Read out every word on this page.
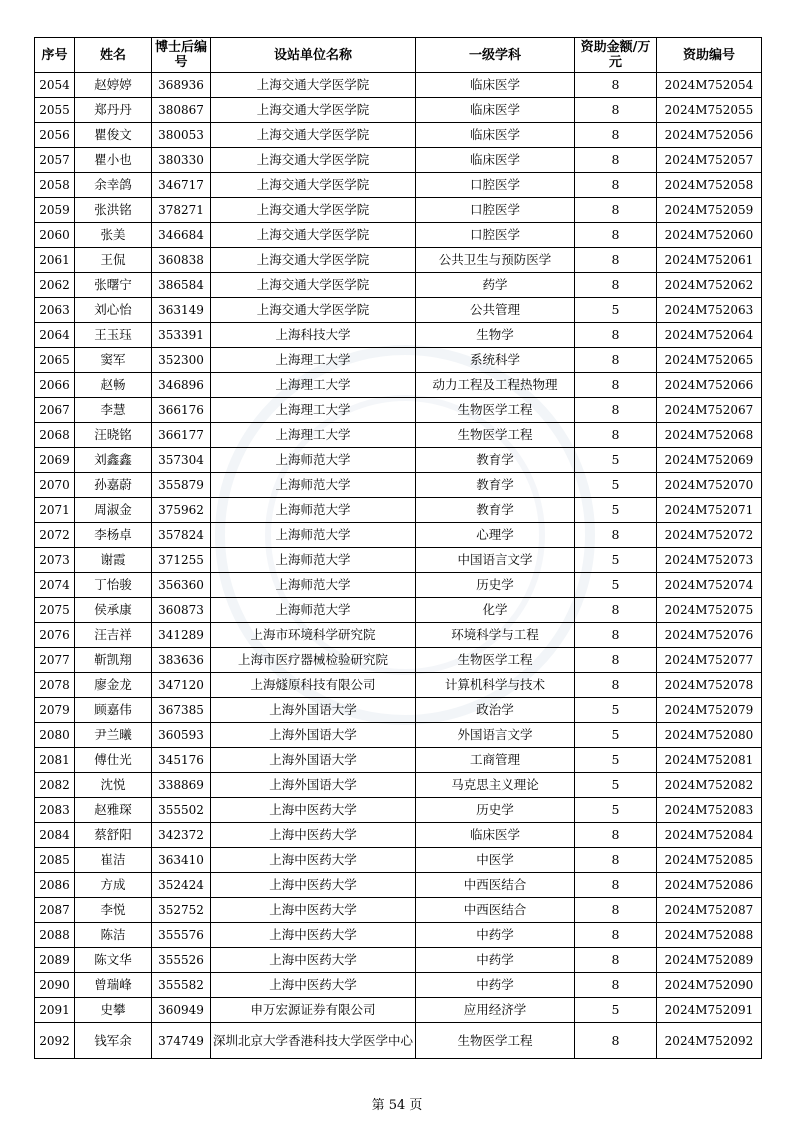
序号	姓名	博士后编号	设站单位名称	一级学科	资助金额/万元	资助编号
2054	赵婷婷	368936	上海交通大学医学院	临床医学	8	2024M752054
2055	郑丹丹	380867	上海交通大学医学院	临床医学	8	2024M752055
2056	瞿俊文	380053	上海交通大学医学院	临床医学	8	2024M752056
2057	瞿小也	380330	上海交通大学医学院	临床医学	8	2024M752057
2058	余幸鸽	346717	上海交通大学医学院	口腔医学	8	2024M752058
2059	张洪铭	378271	上海交通大学医学院	口腔医学	8	2024M752059
2060	张美	346684	上海交通大学医学院	口腔医学	8	2024M752060
2061	王侃	360838	上海交通大学医学院	公共卫生与预防医学	8	2024M752061
2062	张曙宁	386584	上海交通大学医学院	药学	8	2024M752062
2063	刘心怡	363149	上海交通大学医学院	公共管理	5	2024M752063
2064	王玉珏	353391	上海科技大学	生物学	8	2024M752064
2065	窦军	352300	上海理工大学	系统科学	8	2024M752065
2066	赵畅	346896	上海理工大学	动力工程及工程热物理	8	2024M752066
2067	李慧	366176	上海理工大学	生物医学工程	8	2024M752067
2068	汪晓铭	366177	上海理工大学	生物医学工程	8	2024M752068
2069	刘鑫鑫	357304	上海师范大学	教育学	5	2024M752069
2070	孙嘉蔚	355879	上海师范大学	教育学	5	2024M752070
2071	周淑金	375962	上海师范大学	教育学	5	2024M752071
2072	李杨卓	357824	上海师范大学	心理学	8	2024M752072
2073	谢霞	371255	上海师范大学	中国语言文学	5	2024M752073
2074	丁怡骏	356360	上海师范大学	历史学	5	2024M752074
2075	侯承康	360873	上海师范大学	化学	8	2024M752075
2076	汪吉祥	341289	上海市环境科学研究院	环境科学与工程	8	2024M752076
2077	靳凯翔	383636	上海市医疗器械检验研究院	生物医学工程	8	2024M752077
2078	廖金龙	347120	上海燧原科技有限公司	计算机科学与技术	8	2024M752078
2079	顾嘉伟	367385	上海外国语大学	政治学	5	2024M752079
2080	尹兰曦	360593	上海外国语大学	外国语言文学	5	2024M752080
2081	傅仕光	345176	上海外国语大学	工商管理	5	2024M752081
2082	沈悦	338869	上海外国语大学	马克思主义理论	5	2024M752082
2083	赵雅琛	355502	上海中医药大学	历史学	5	2024M752083
2084	蔡舒阳	342372	上海中医药大学	临床医学	8	2024M752084
2085	崔洁	363410	上海中医药大学	中医学	8	2024M752085
2086	方成	352424	上海中医药大学	中西医结合	8	2024M752086
2087	李悦	352752	上海中医药大学	中西医结合	8	2024M752087
2088	陈洁	355576	上海中医药大学	中药学	8	2024M752088
2089	陈文华	355526	上海中医药大学	中药学	8	2024M752089
2090	曾瑞峰	355582	上海中医药大学	中药学	8	2024M752090
2091	史攀	360949	申万宏源证券有限公司	应用经济学	5	2024M752091
2092	钱军余	374749	深圳北京大学香港科技大学医学中心	生物医学工程	8	2024M752092
第 54 页
